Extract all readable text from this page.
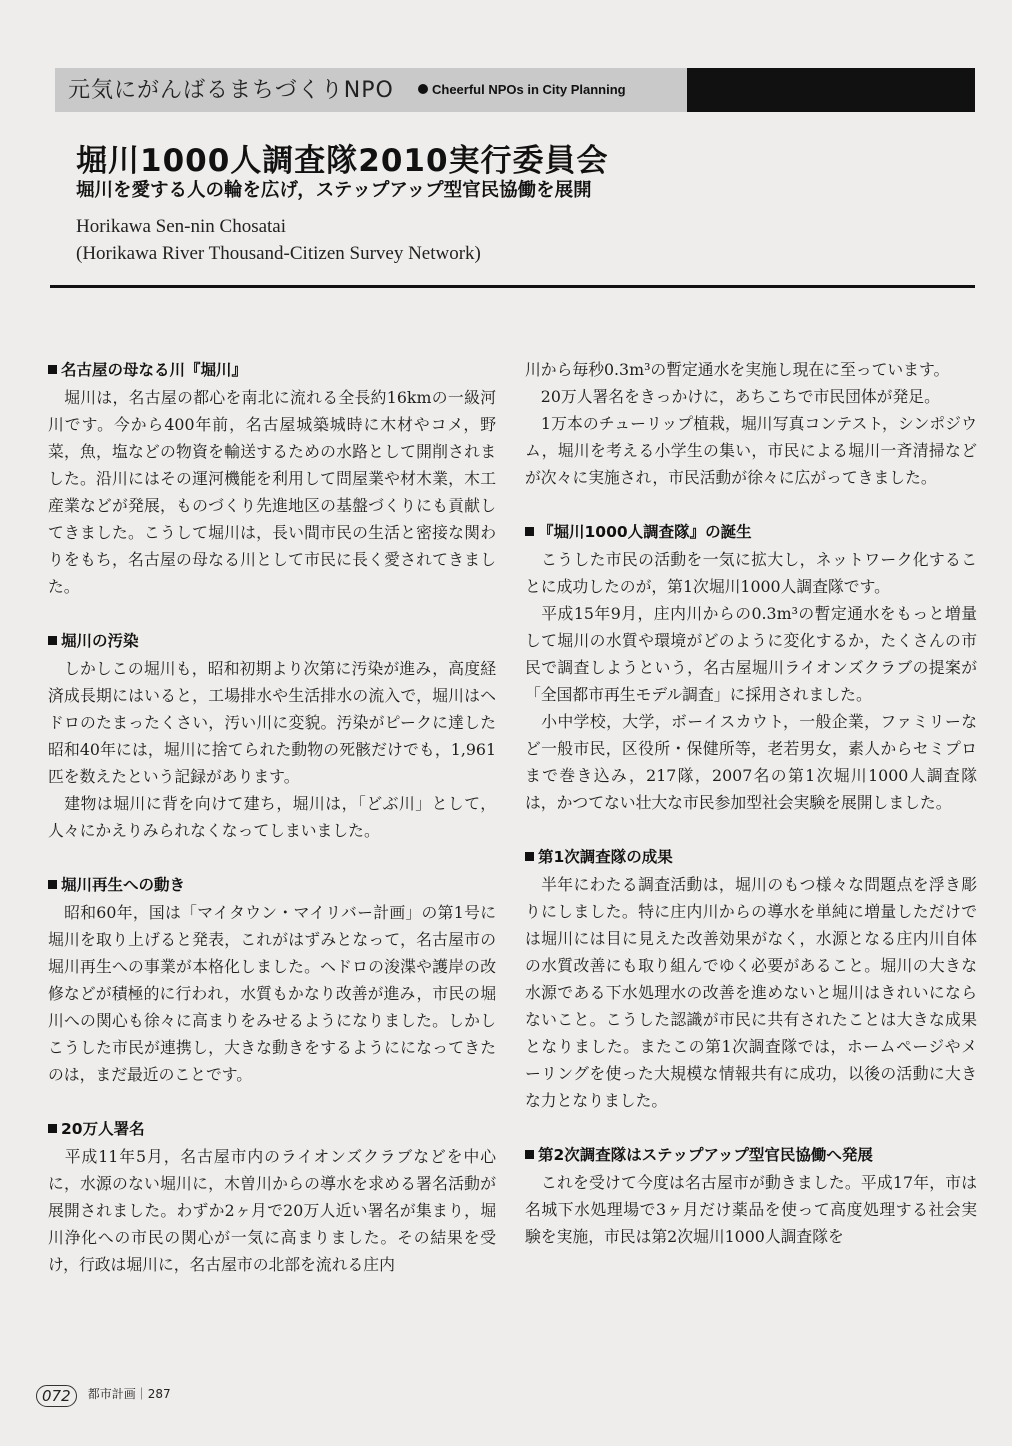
元気にがんばるまちづくりNPO	Cheerful NPOs in City Planning
堀川1000人調査隊2010実行委員会
堀川を愛する人の輪を広げ，ステップアップ型官民協働を展開
Horikawa Sen-nin Chosatai
(Horikawa River Thousand-Citizen Survey Network)
名古屋の母なる川『堀川』

　堀川は，名古屋の都心を南北に流れる全長約16kmの一級河川です。今から400年前，名古屋城築城時に木材やコメ，野菜，魚，塩などの物資を輸送するための水路として開削されました。沿川にはその運河機能を利用して問屋業や材木業，木工産業などが発展，ものづくり先進地区の基盤づくりにも貢献してきました。こうして堀川は，長い間市民の生活と密接な関わりをもち，名古屋の母なる川として市民に長く愛されてきました。

堀川の汚染

　しかしこの堀川も，昭和初期より次第に汚染が進み，高度経済成長期にはいると，工場排水や生活排水の流入で，堀川はヘドロのたまったくさい，汚い川に変貌。汚染がピークに達した昭和40年には，堀川に捨てられた動物の死骸だけでも，1,961匹を数えたという記録があります。

　建物は堀川に背を向けて建ち，堀川は，「どぶ川」として，人々にかえりみられなくなってしまいました。

堀川再生への動き

　昭和60年，国は「マイタウン・マイリバー計画」の第1号に堀川を取り上げると発表，これがはずみとなって，名古屋市の堀川再生への事業が本格化しました。ヘドロの浚渫や護岸の改修などが積極的に行われ，水質もかなり改善が進み，市民の堀川への関心も徐々に高まりをみせるようになりました。しかしこうした市民が連携し，大きな動きをするようにになってきたのは，まだ最近のことです。

20万人署名

　平成11年5月，名古屋市内のライオンズクラブなどを中心に，水源のない堀川に，木曽川からの導水を求める署名活動が展開されました。わずか2ヶ月で20万人近い署名が集まり，堀川浄化への市民の関心が一気に高まりました。その結果を受け，行政は堀川に，名古屋市の北部を流れる庄内

川から毎秒0.3m³の暫定通水を実施し現在に至っています。

　20万人署名をきっかけに，あちこちで市民団体が発足。

　1万本のチューリップ植栽，堀川写真コンテスト，シンポジウム，堀川を考える小学生の集い，市民による堀川一斉清掃などが次々に実施され，市民活動が徐々に広がってきました。

『堀川1000人調査隊』の誕生

　こうした市民の活動を一気に拡大し，ネットワーク化することに成功したのが，第1次堀川1000人調査隊です。

　平成15年9月，庄内川からの0.3m³の暫定通水をもっと増量して堀川の水質や環境がどのように変化するか，たくさんの市民で調査しようという，名古屋堀川ライオンズクラブの提案が「全国都市再生モデル調査」に採用されました。

　小中学校，大学，ボーイスカウト，一般企業，ファミリーなど一般市民，区役所・保健所等，老若男女，素人からセミプロまで巻き込み，217隊，2007名の第1次堀川1000人調査隊は，かつてない壮大な市民参加型社会実験を展開しました。

第1次調査隊の成果

　半年にわたる調査活動は，堀川のもつ様々な問題点を浮き彫りにしました。特に庄内川からの導水を単純に増量しただけでは堀川には目に見えた改善効果がなく，水源となる庄内川自体の水質改善にも取り組んでゆく必要があること。堀川の大きな水源である下水処理水の改善を進めないと堀川はきれいにならないこと。こうした認識が市民に共有されたことは大きな成果となりました。またこの第1次調査隊では，ホームページやメーリングを使った大規模な情報共有に成功，以後の活動に大きな力となりました。

第2次調査隊はステップアップ型官民協働へ発展

　これを受けて今度は名古屋市が動きました。平成17年，市は名城下水処理場で3ヶ月だけ薬品を使って高度処理する社会実験を実施，市民は第2次堀川1000人調査隊を

072 都市計画｜287
